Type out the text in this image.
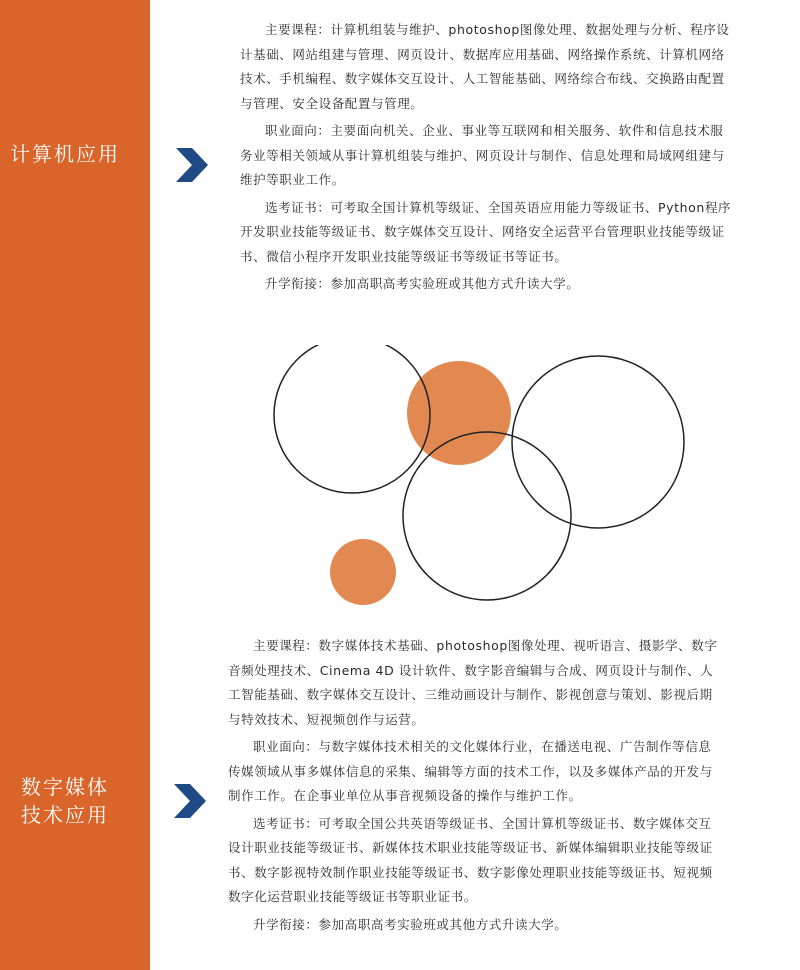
计算机应用

主要课程：计算机组装与维护、photoshop图像处理、数据处理与分析、程序设计基础、网站组建与管理、网页设计、数据库应用基础、网络操作系统、计算机网络技术、手机编程、数字媒体交互设计、人工智能基础、网络综合布线、交换路由配置与管理、安全设备配置与管理。

职业面向：主要面向机关、企业、事业等互联网和相关服务、软件和信息技术服务业等相关领域从事计算机组装与维护、网页设计与制作、信息处理和局域网组建与维护等职业工作。

选考证书：可考取全国计算机等级证、全国英语应用能力等级证书、Python程序开发职业技能等级证书、数字媒体交互设计、网络安全运营平台管理职业技能等级证书、微信小程序开发职业技能等级证书等级证书等证书。

升学衔接：参加高职高考实验班或其他方式升读大学。

数字媒体
技术应用

主要课程：数字媒体技术基础、photoshop图像处理、视听语言、摄影学、数字音频处理技术、Cinema 4D 设计软件、数字影音编辑与合成、网页设计与制作、人工智能基础、数字媒体交互设计、三维动画设计与制作、影视创意与策划、影视后期与特效技术、短视频创作与运营。

职业面向：与数字媒体技术相关的文化媒体行业，在播送电视、广告制作等信息传媒领域从事多媒体信息的采集、编辑等方面的技术工作，以及多媒体产品的开发与制作工作。在企事业单位从事音视频设备的操作与维护工作。

选考证书：可考取全国公共英语等级证书、全国计算机等级证书、数字媒体交互设计职业技能等级证书、新媒体技术职业技能等级证书、新媒体编辑职业技能等级证书、数字影视特效制作职业技能等级证书、数字影像处理职业技能等级证书、短视频数字化运营职业技能等级证书等职业证书。

升学衔接：参加高职高考实验班或其他方式升读大学。
